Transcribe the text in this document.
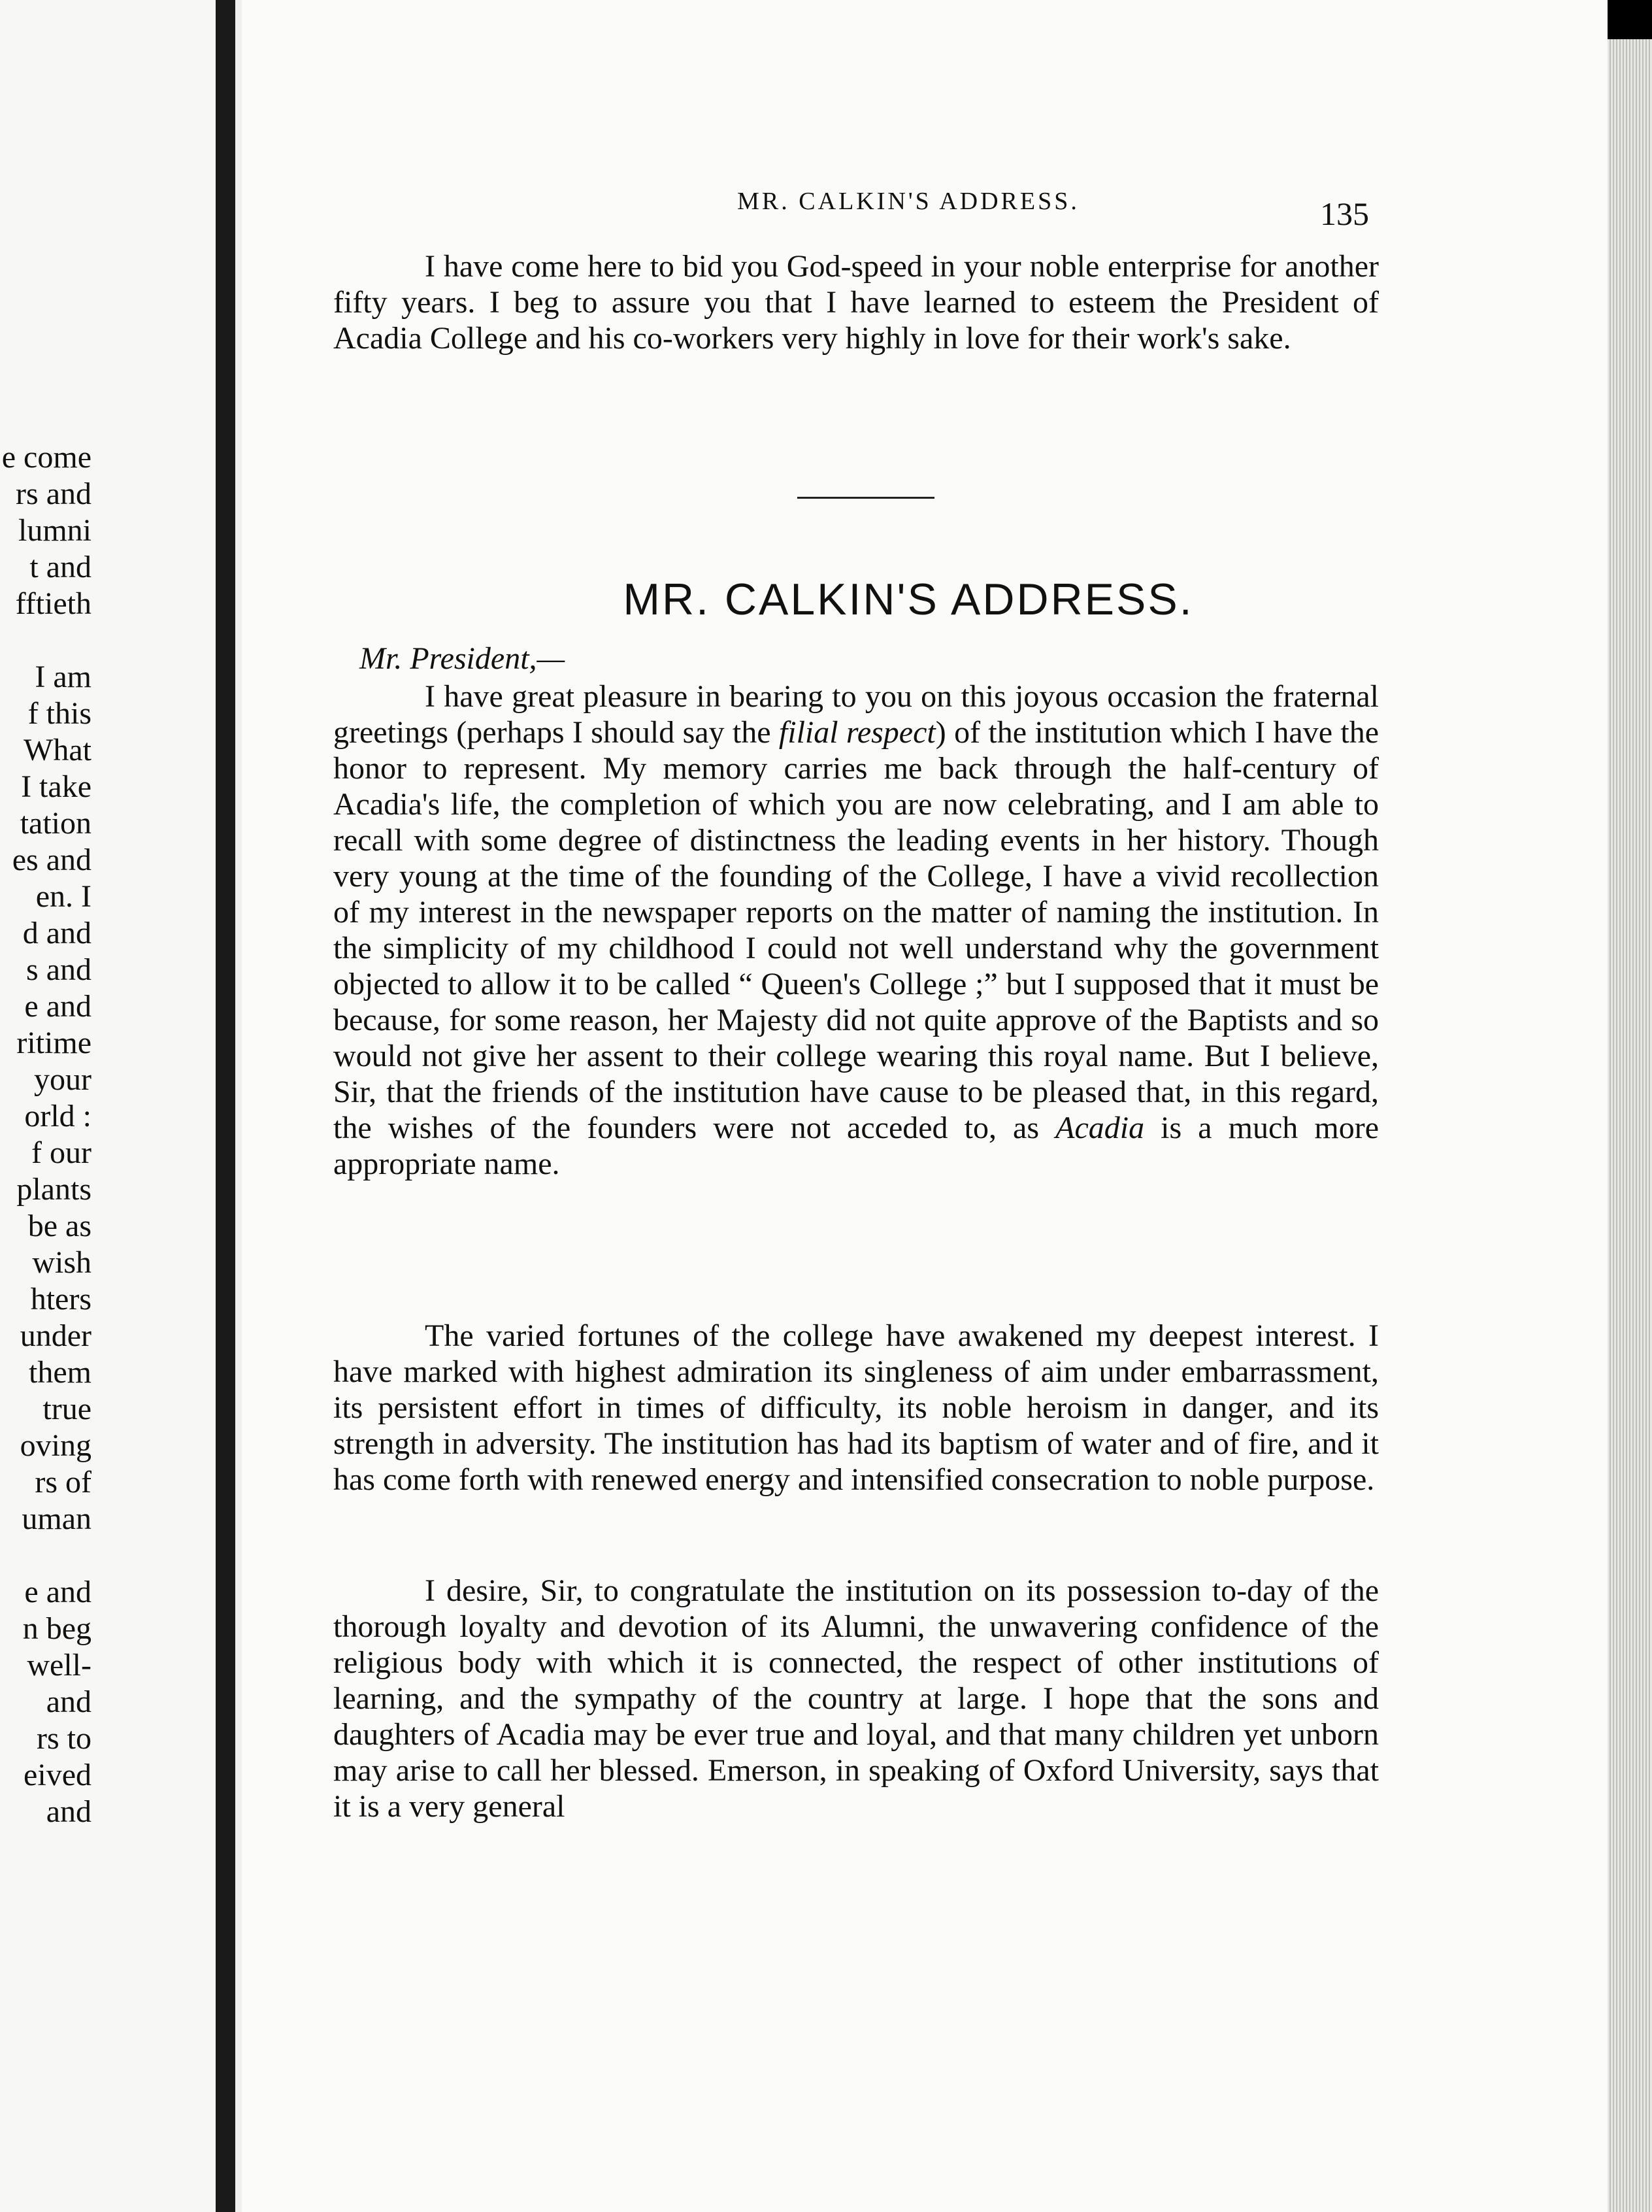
e come
rs and
lumni
t and
fftieth
I am
f this
What
I take
tation
es and
en. I
d and
s and
e and
ritime
your
orld :
f our
plants
be as
wish
hters
under
them
true
oving
rs of
uman
e and
n beg
well-
and
rs to
eived
and
MR. CALKIN'S ADDRESS.	135

I have come here to bid you God-speed in your noble enterprise for another fifty years. I beg to assure you that I have learned to esteem the President of Acadia College and his co-workers very highly in love for their work's sake.

MR. CALKIN'S ADDRESS.
Mr. President,—

I have great pleasure in bearing to you on this joyous occasion the fraternal greetings (perhaps I should say the filial respect) of the institution which I have the honor to represent. My memory carries me back through the half-century of Acadia's life, the completion of which you are now celebrating, and I am able to recall with some degree of distinctness the leading events in her history. Though very young at the time of the founding of the College, I have a vivid recollection of my interest in the newspaper reports on the matter of naming the institution. In the simplicity of my childhood I could not well understand why the government objected to allow it to be called “ Queen's College ;” but I supposed that it must be because, for some reason, her Majesty did not quite approve of the Baptists and so would not give her assent to their college wearing this royal name. But I believe, Sir, that the friends of the institution have cause to be pleased that, in this regard, the wishes of the founders were not acceded to, as Acadia is a much more appropriate name.

The varied fortunes of the college have awakened my deepest interest. I have marked with highest admiration its singleness of aim under embarrassment, its persistent effort in times of difficulty, its noble heroism in danger, and its strength in adversity. The institution has had its baptism of water and of fire, and it has come forth with renewed energy and intensified consecration to noble purpose.

I desire, Sir, to congratulate the institution on its possession to-day of the thorough loyalty and devotion of its Alumni, the unwavering confidence of the religious body with which it is connected, the respect of other institutions of learning, and the sympathy of the country at large. I hope that the sons and daughters of Acadia may be ever true and loyal, and that many children yet unborn may arise to call her blessed. Emerson, in speaking of Oxford University, says that it is a very general
